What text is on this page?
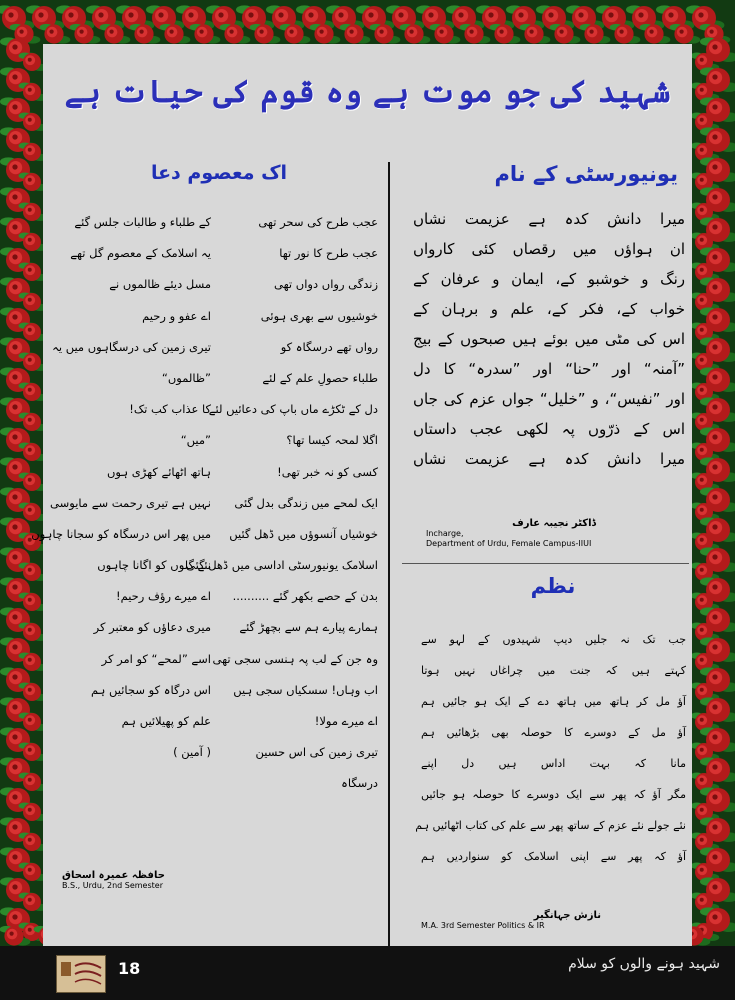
شہید کی جو موت ہے وہ قوم کی حیات ہے
یونیورسٹی کے نام
میرا دانش کدہ ہے عزیمت نشاں
ان ہواؤں میں رقصاں کئی کارواں
رنگ و خوشبو کے، ایمان و عرفان کے
خواب کے، فکر کے، علم و برہان کے
اس کی مٹی میں بوئے ہیں صبحوں کے بیج
”آمنہ“ اور ”حنا“ اور ”سدرہ“ کا دل
اور ”نفیس“، و ”خلیل“ جواں عزم کی جاں
اس کے ذرّوں پہ لکھی عجب داستاں
میرا دانش کدہ ہے عزیمت نشاں
ڈاکٹر نجیبہ عارف
Incharge,
Department of Urdu, Female Campus-IIUI
نظم
جب تک نہ جلیں دیپ شہیدوں کے لہو سے
کہتے ہیں کہ جنت میں چراغاں نہیں ہوتا
آؤ مل کر ہاتھ میں ہاتھ دے کے ایک ہو جائیں ہم
آؤ مل کے دوسرے کا حوصلہ بھی بڑھائیں ہم
مانا کہ بہت اداس ہیں دل اپنے
مگر آؤ کہ پھر سے ایک دوسرے کا حوصلہ ہو جائیں
نئے جولے نئے عزم کے ساتھ پھر سے علم کی کتاب اٹھائیں ہم
آؤ کہ پھر سے اپنی اسلامک کو سنواردیں ہم
نازش جہانگیر
M.A. 3rd Semester Politics & IR
اک معصوم دعا
عجب طرح کی سحر تھی
عجب طرح کا نور تھا
زندگی رواں دواں تھی
خوشیوں سے بھری ہوئی
رواں تھے درسگاہ کو
طلباء حصولِ علم کے لئے
دل کے ٹکڑے ماں باپ کی دعائیں لئے
اگلا لمحہ کیسا تھا؟
کسی کو نہ خبر تھی!
ایک لمحے میں زندگی بدل گئی
خوشیاں آنسوؤں میں ڈھل گئیں
اسلامک یونیورسٹی اداسی میں ڈھل گئی
بدن کے حصے بکھر گئے ..........
ہمارے پیارے ہم سے بچھڑ گئے
وہ جن کے لب پہ ہنسی سجی تھی
اب وہاں! سسکیاں سجی ہیں
اے میرے مولا!
تیری زمین کی اس حسین
درسگاہ
کے طلباء و طالبات جلس گئے
یہ اسلامک کے معصوم گل تھے
مسل دیئے ظالموں نے
اے عفو و رحیم
تیری زمین کی درسگاہوں میں یہ
”ظالموں“
کا عذاب کب تک!
”میں“
ہاتھ اٹھائے کھڑی ہوں
نہیں ہے تیری رحمت سے مایوسی
میں پھر اس درسگاہ کو سجانا چاہوں
نئے گلوں کو اگانا چاہوں
اے میرے رؤف رحیم!
میری دعاؤں کو معتبر کر
اسے ”لمحے“ کو امر کر
اس درگاہ کو سجائیں ہم
علم کو پھیلائیں ہم
( آمین )
حافظہ عمیرہ اسحاق
B.S., Urdu, 2nd Semester
18	شہید ہونے والوں کو سلام
